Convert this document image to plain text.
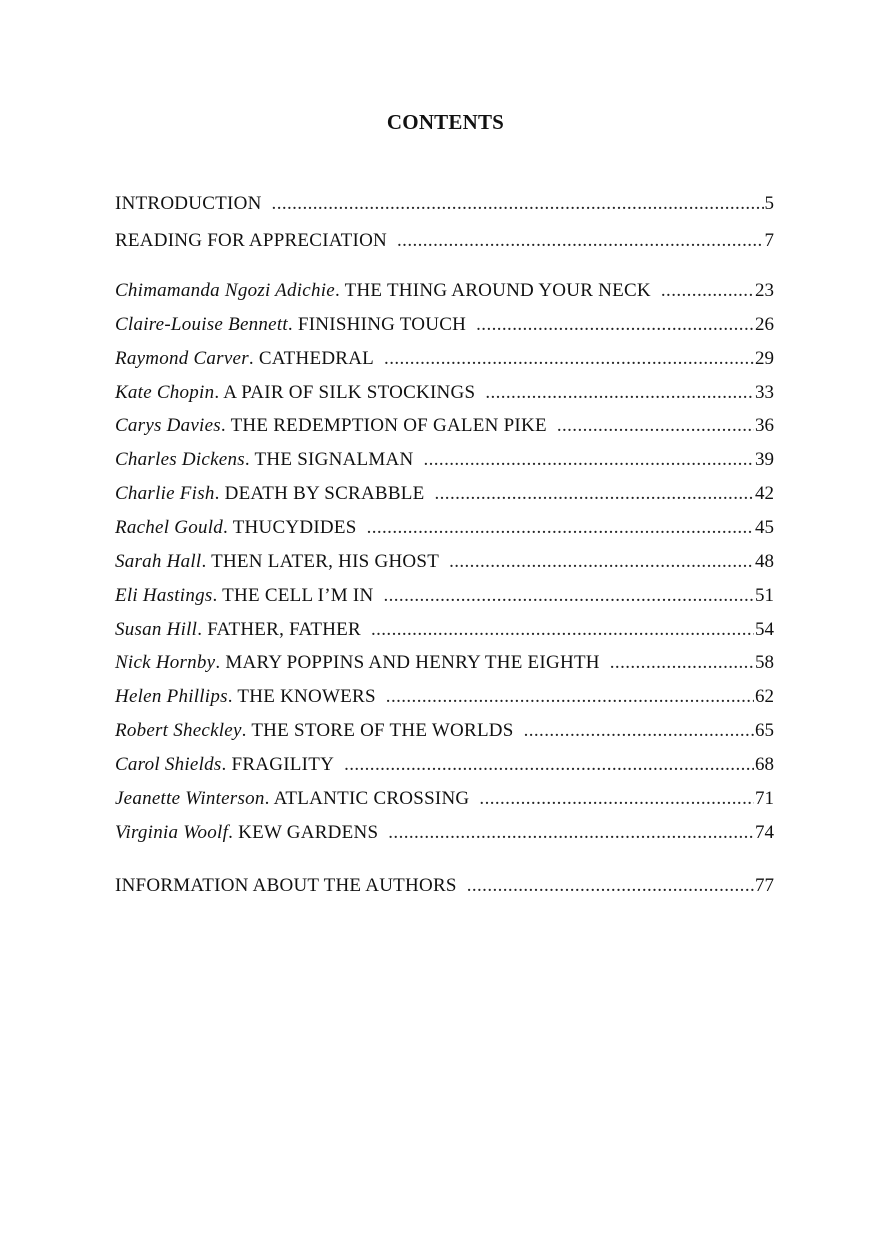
CONTENTS
INTRODUCTION .....	5
READING FOR APPRECIATION .....	7
Chimamanda Ngozi Adichie. THE THING AROUND YOUR NECK .....	23
Claire-Louise Bennett. FINISHING TOUCH .....	26
Raymond Carver. CATHEDRAL .....	29
Kate Chopin. A PAIR OF SILK STOCKINGS .....	33
Carys Davies. THE REDEMPTION OF GALEN PIKE .....	36
Charles Dickens. THE SIGNALMAN .....	39
Charlie Fish. DEATH BY SCRABBLE .....	42
Rachel Gould. THUCYDIDES .....	45
Sarah Hall. THEN LATER, HIS GHOST .....	48
Eli Hastings. THE CELL I’M IN .....	51
Susan Hill. FATHER, FATHER .....	54
Nick Hornby. MARY POPPINS AND HENRY THE EIGHTH .....	58
Helen Phillips. THE KNOWERS .....	62
Robert Sheckley. THE STORE OF THE WORLDS .....	65
Carol Shields. FRAGILITY .....	68
Jeanette Winterson. ATLANTIC CROSSING .....	71
Virginia Woolf. KEW GARDENS .....	74
INFORMATION ABOUT THE AUTHORS .....	77
